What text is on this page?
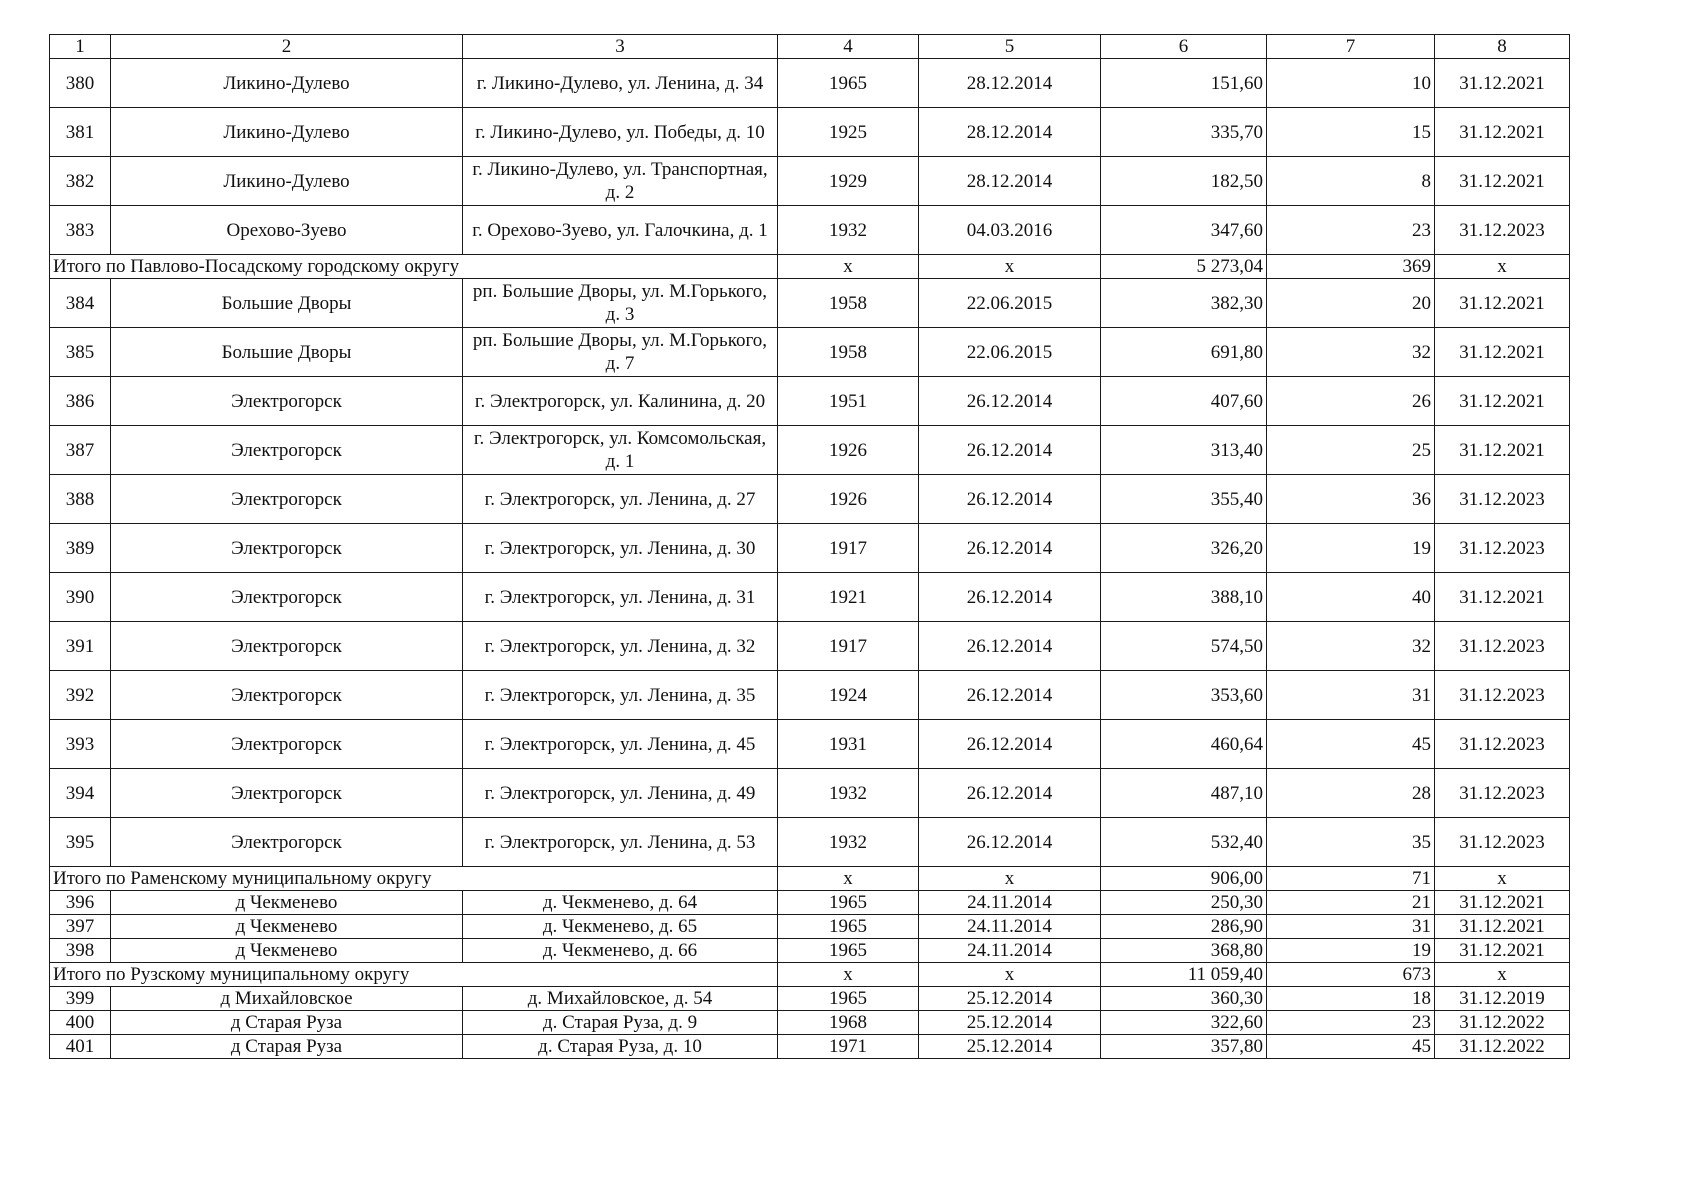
1	2	3	4	5	6	7	8
380	Ликино-Дулево	г. Ликино-Дулево, ул. Ленина, д. 34	1965	28.12.2014	151,60	10	31.12.2021
381	Ликино-Дулево	г. Ликино-Дулево, ул. Победы, д. 10	1925	28.12.2014	335,70	15	31.12.2021
382	Ликино-Дулево	г. Ликино-Дулево, ул. Транспортная, д. 2	1929	28.12.2014	182,50	8	31.12.2021
383	Орехово-Зуево	г. Орехово-Зуево, ул. Галочкина, д. 1	1932	04.03.2016	347,60	23	31.12.2023
Итого по Павлово-Посадскому городскому округу			х	х	5 273,04	369	х
384	Большие Дворы	рп. Большие Дворы, ул. М.Горького, д. 3	1958	22.06.2015	382,30	20	31.12.2021
385	Большие Дворы	рп. Большие Дворы, ул. М.Горького, д. 7	1958	22.06.2015	691,80	32	31.12.2021
386	Электрогорск	г. Электрогорск, ул. Калинина, д. 20	1951	26.12.2014	407,60	26	31.12.2021
387	Электрогорск	г. Электрогорск, ул. Комсомольская, д. 1	1926	26.12.2014	313,40	25	31.12.2021
388	Электрогорск	г. Электрогорск, ул. Ленина, д. 27	1926	26.12.2014	355,40	36	31.12.2023
389	Электрогорск	г. Электрогорск, ул. Ленина, д. 30	1917	26.12.2014	326,20	19	31.12.2023
390	Электрогорск	г. Электрогорск, ул. Ленина, д. 31	1921	26.12.2014	388,10	40	31.12.2021
391	Электрогорск	г. Электрогорск, ул. Ленина, д. 32	1917	26.12.2014	574,50	32	31.12.2023
392	Электрогорск	г. Электрогорск, ул. Ленина, д. 35	1924	26.12.2014	353,60	31	31.12.2023
393	Электрогорск	г. Электрогорск, ул. Ленина, д. 45	1931	26.12.2014	460,64	45	31.12.2023
394	Электрогорск	г. Электрогорск, ул. Ленина, д. 49	1932	26.12.2014	487,10	28	31.12.2023
395	Электрогорск	г. Электрогорск, ул. Ленина, д. 53	1932	26.12.2014	532,40	35	31.12.2023
Итого по Раменскому муниципальному округу			х	х	906,00	71	х
396	д Чекменево	д. Чекменево, д. 64	1965	24.11.2014	250,30	21	31.12.2021
397	д Чекменево	д. Чекменево, д. 65	1965	24.11.2014	286,90	31	31.12.2021
398	д Чекменево	д. Чекменево, д. 66	1965	24.11.2014	368,80	19	31.12.2021
Итого по Рузскому муниципальному округу			х	х	11 059,40	673	х
399	д Михайловское	д. Михайловское, д. 54	1965	25.12.2014	360,30	18	31.12.2019
400	д Старая Руза	д. Старая Руза, д. 9	1968	25.12.2014	322,60	23	31.12.2022
401	д Старая Руза	д. Старая Руза, д. 10	1971	25.12.2014	357,80	45	31.12.2022
